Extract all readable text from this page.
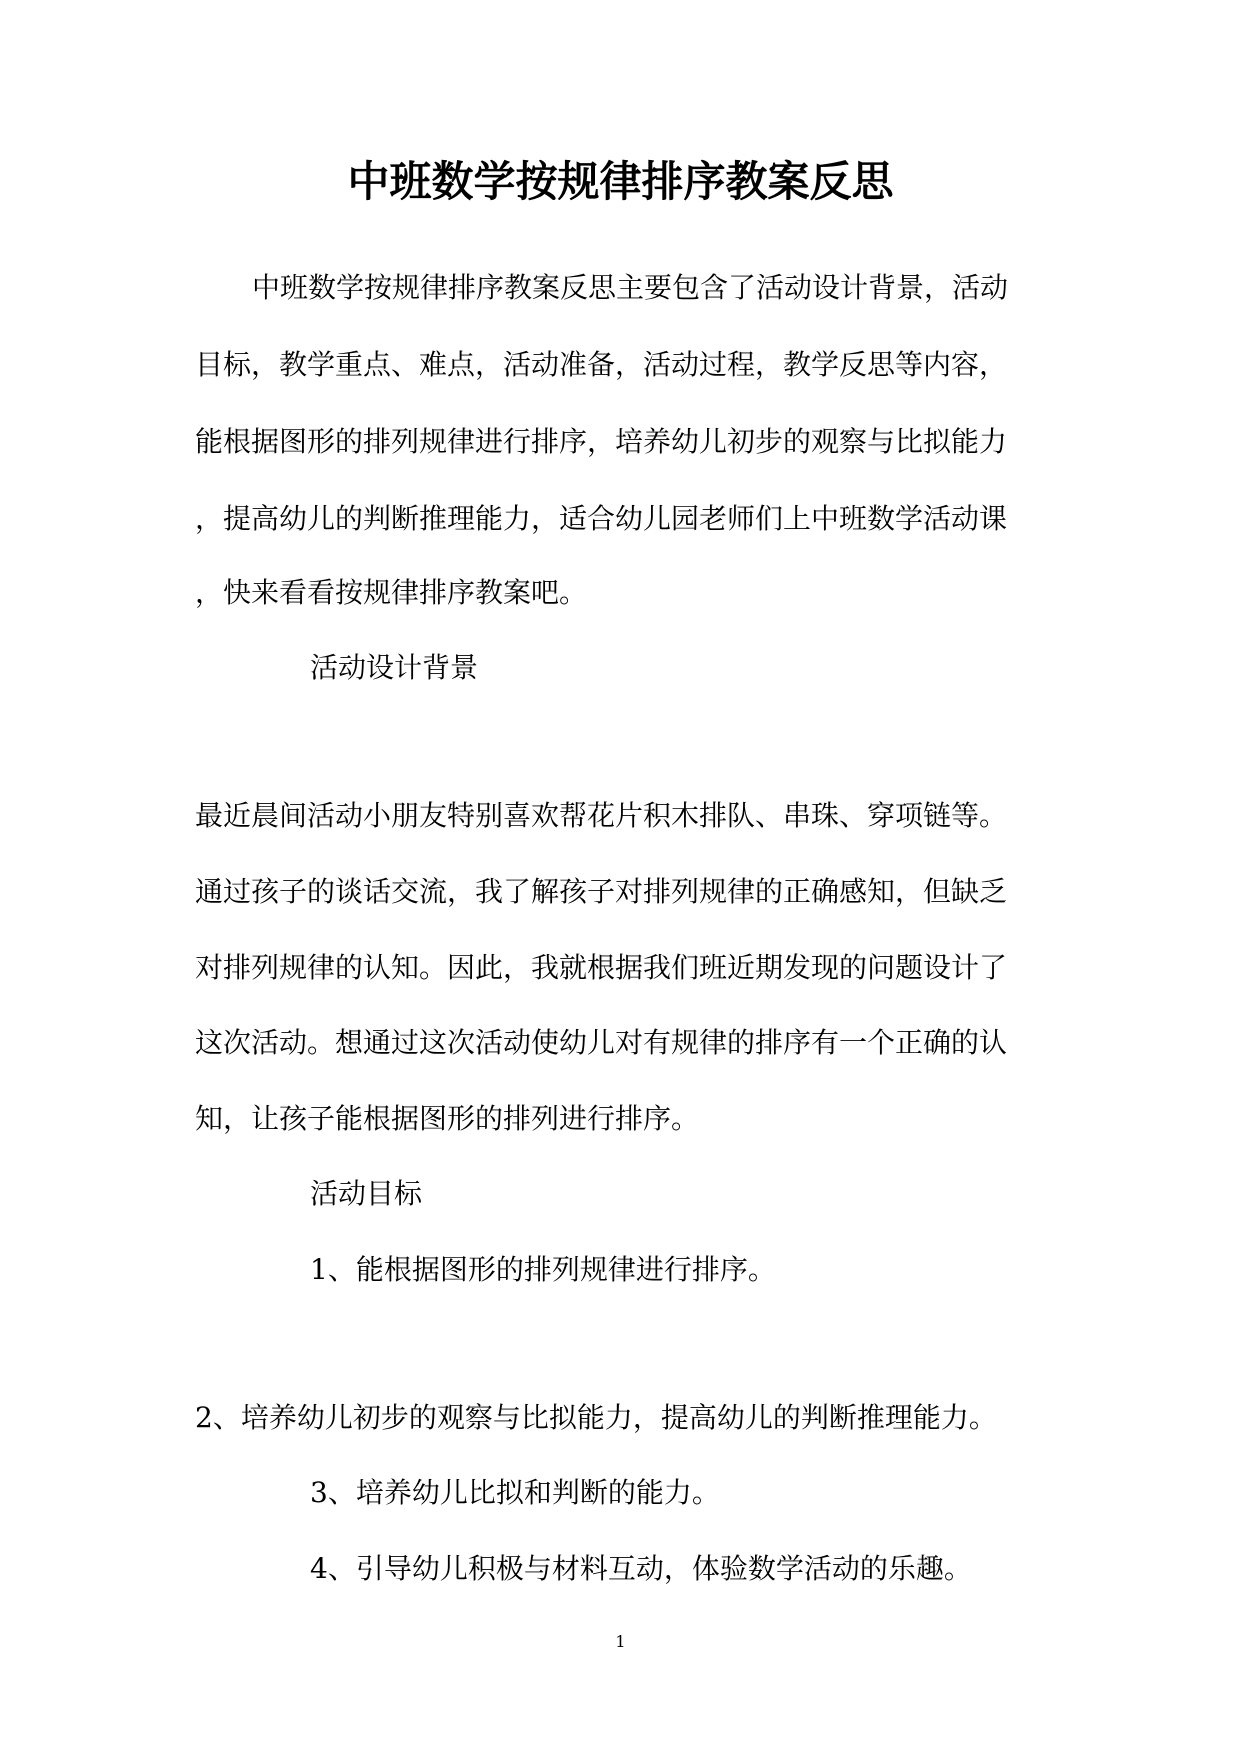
中班数学按规律排序教案反思
中班数学按规律排序教案反思主要包含了活动设计背景，活动
目标，教学重点、难点，活动准备，活动过程，教学反思等内容，
能根据图形的排列规律进行排序，培养幼儿初步的观察与比拟能力
，提高幼儿的判断推理能力，适合幼儿园老师们上中班数学活动课
，快来看看按规律排序教案吧。
活动设计背景
最近晨间活动小朋友特别喜欢帮花片积木排队、串珠、穿项链等。
通过孩子的谈话交流，我了解孩子对排列规律的正确感知，但缺乏
对排列规律的认知。因此，我就根据我们班近期发现的问题设计了
这次活动。想通过这次活动使幼儿对有规律的排序有一个正确的认
知，让孩子能根据图形的排列进行排序。
活动目标
1、能根据图形的排列规律进行排序。
2、培养幼儿初步的观察与比拟能力，提高幼儿的判断推理能力。
3、培养幼儿比拟和判断的能力。
4、引导幼儿积极与材料互动，体验数学活动的乐趣。
1
